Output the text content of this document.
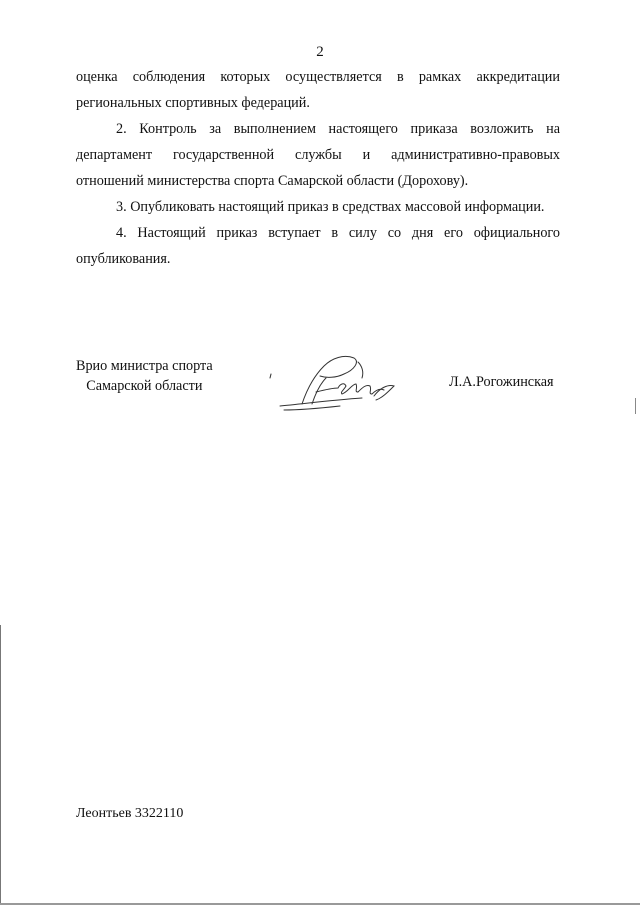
2

оценка соблюдения которых осуществляется в рамках аккредитации региональных спортивных федераций.

2. Контроль за выполнением настоящего приказа возложить на департамент государственной службы и административно-правовых отношений министерства спорта Самарской области (Дорохову).

3. Опубликовать настоящий приказ в средствах массовой информации.

4. Настоящий приказ вступает в силу со дня его официального опубликования.

Врио министра спорта
Самарской области	Л.А.Рогожинская
Леонтьев 3322110
